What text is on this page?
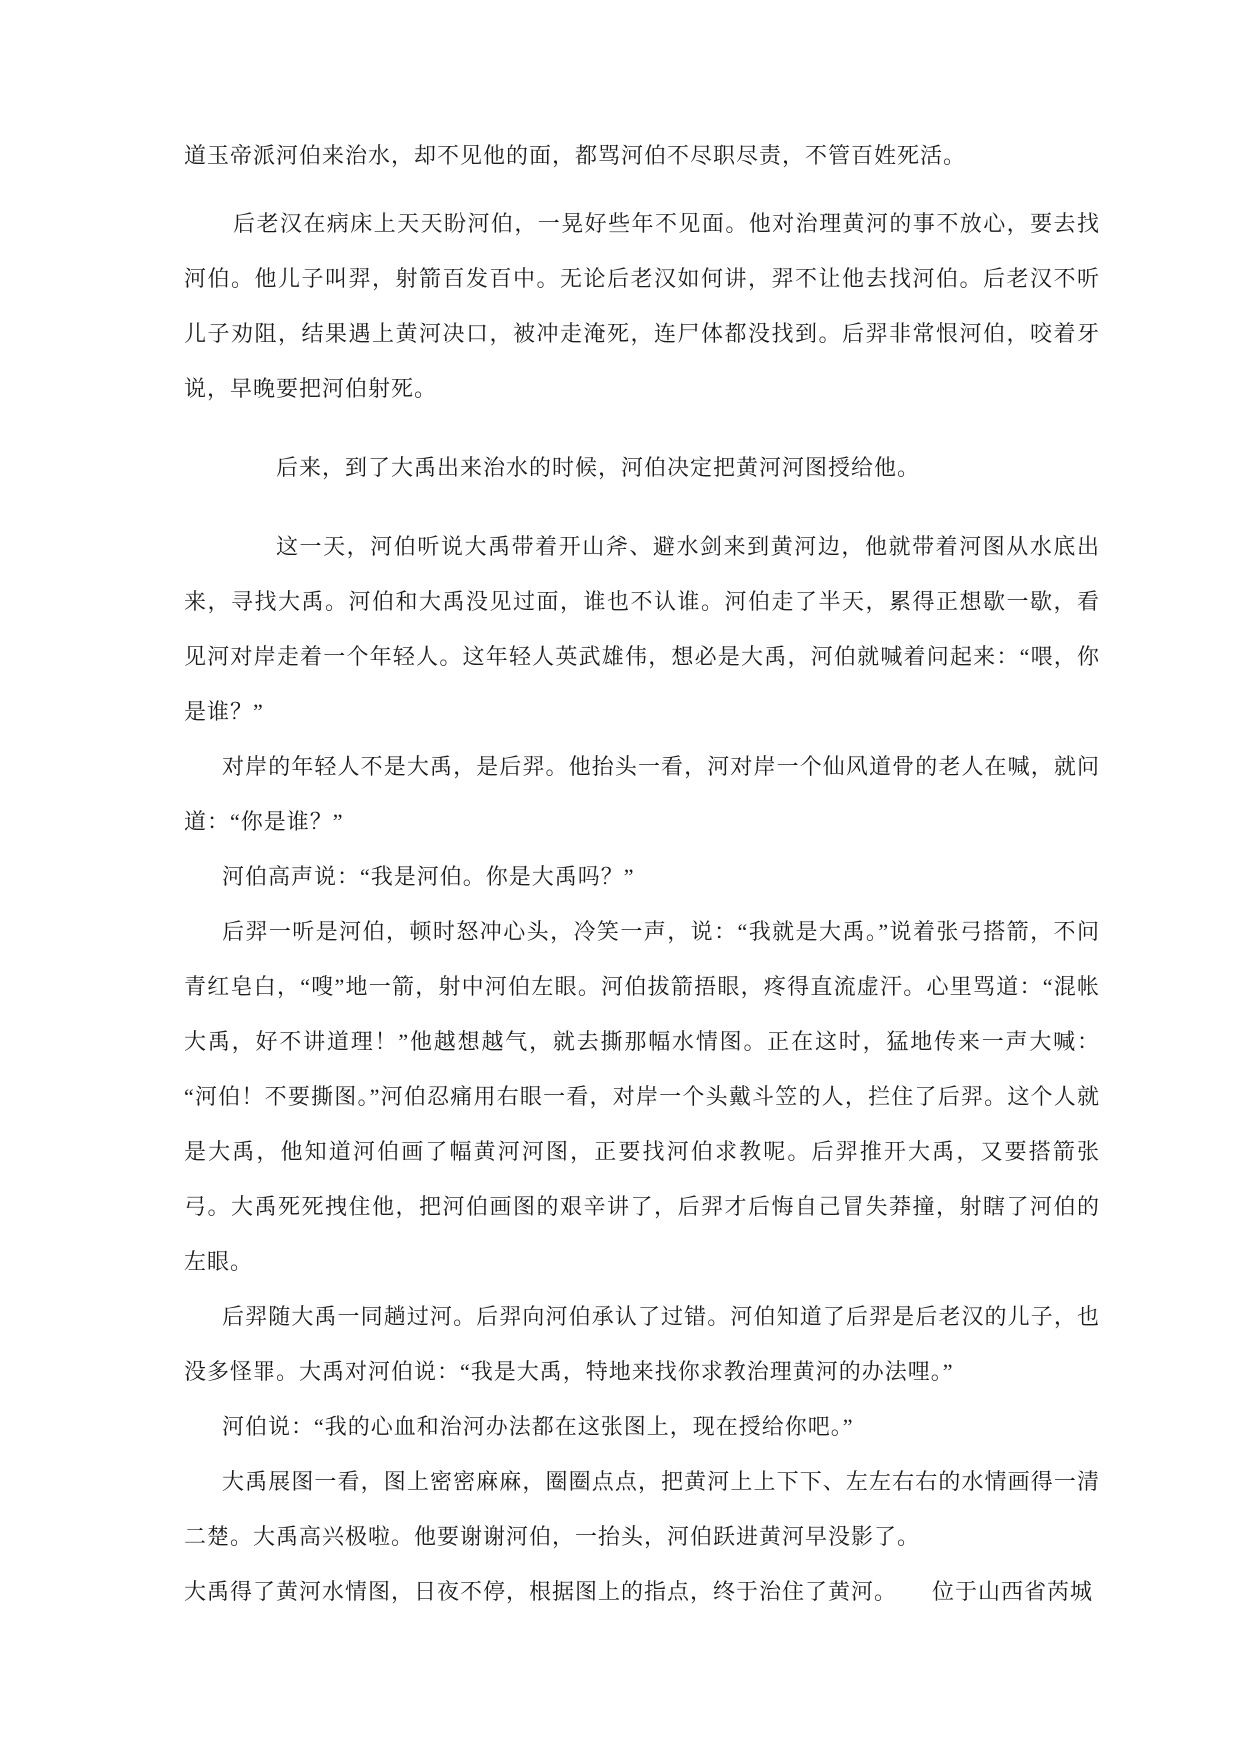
道玉帝派河伯来治水，却不见他的面，都骂河伯不尽职尽责，不管百姓死活。

后老汉在病床上天天盼河伯，一晃好些年不见面。他对治理黄河的事不放心，要去找河伯。他儿子叫羿，射箭百发百中。无论后老汉如何讲，羿不让他去找河伯。后老汉不听儿子劝阻，结果遇上黄河决口，被冲走淹死，连尸体都没找到。后羿非常恨河伯，咬着牙说，早晚要把河伯射死。

后来，到了大禹出来治水的时候，河伯决定把黄河河图授给他。

这一天，河伯听说大禹带着开山斧、避水剑来到黄河边，他就带着河图从水底出来，寻找大禹。河伯和大禹没见过面，谁也不认谁。河伯走了半天，累得正想歇一歇，看见河对岸走着一个年轻人。这年轻人英武雄伟，想必是大禹，河伯就喊着问起来：“喂，你是谁？”

对岸的年轻人不是大禹，是后羿。他抬头一看，河对岸一个仙风道骨的老人在喊，就问道：“你是谁？”

河伯高声说：“我是河伯。你是大禹吗？”

后羿一听是河伯，顿时怒冲心头，冷笑一声，说：“我就是大禹。”说着张弓搭箭，不问青红皂白，“嗖”地一箭，射中河伯左眼。河伯拔箭捂眼，疼得直流虚汗。心里骂道：“混帐大禹，好不讲道理！”他越想越气，就去撕那幅水情图。正在这时，猛地传来一声大喊：“河伯！不要撕图。”河伯忍痛用右眼一看，对岸一个头戴斗笠的人，拦住了后羿。这个人就是大禹，他知道河伯画了幅黄河河图，正要找河伯求教呢。后羿推开大禹，又要搭箭张弓。大禹死死拽住他，把河伯画图的艰辛讲了，后羿才后悔自己冒失莽撞，射瞎了河伯的左眼。

后羿随大禹一同趟过河。后羿向河伯承认了过错。河伯知道了后羿是后老汉的儿子，也没多怪罪。大禹对河伯说：“我是大禹，特地来找你求教治理黄河的办法哩。”

河伯说：“我的心血和治河办法都在这张图上，现在授给你吧。”

大禹展图一看，图上密密麻麻，圈圈点点，把黄河上上下下、左左右右的水情画得一清二楚。大禹高兴极啦。他要谢谢河伯，一抬头，河伯跃进黄河早没影了。

大禹得了黄河水情图，日夜不停，根据图上的指点，终于治住了黄河。　　位于山西省芮城
